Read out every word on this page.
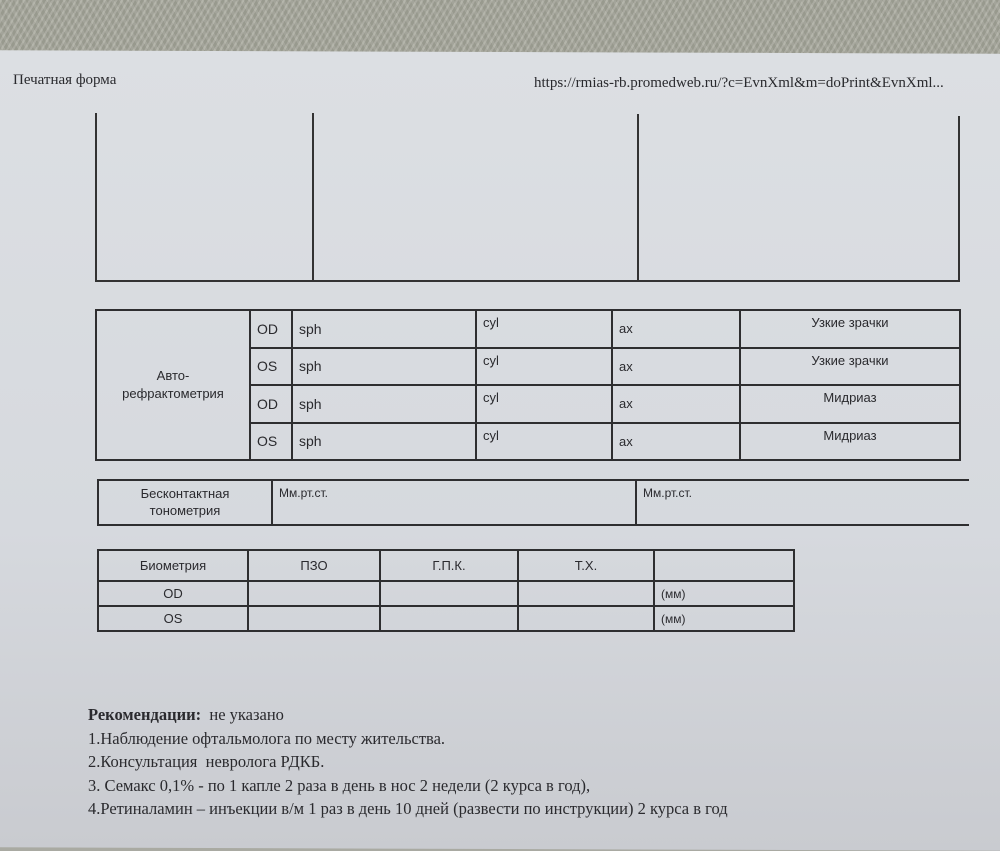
Печатная форма	https://rmias-rb.promedweb.ru/?c=EvnXml&m=doPrint&EvnXml...
Авто-
рефрактометрия	OD	sph	cyl	ax	Узкие зрачки
	OS	sph	cyl	ax	Узкие зрачки
	OD	sph	cyl	ax	Мидриаз
	OS	sph	cyl	ax	Мидриаз
Бесконтактная
тонометрия
	Мм.рт.ст.	Мм.рт.ст.
Биометрия	ПЗО	Г.П.К.	Т.Х.	
OD				(мм)
OS				(мм)
Рекомендации: не указано
1.Наблюдение офтальмолога по месту жительства.
2.Консультация  невролога РДКБ.
3. Семакс 0,1% - по 1 капле 2 раза в день в нос 2 недели (2 курса в год),
4.Ретиналамин – инъекции в/м 1 раз в день 10 дней (развести по инструкции) 2 курса в год
